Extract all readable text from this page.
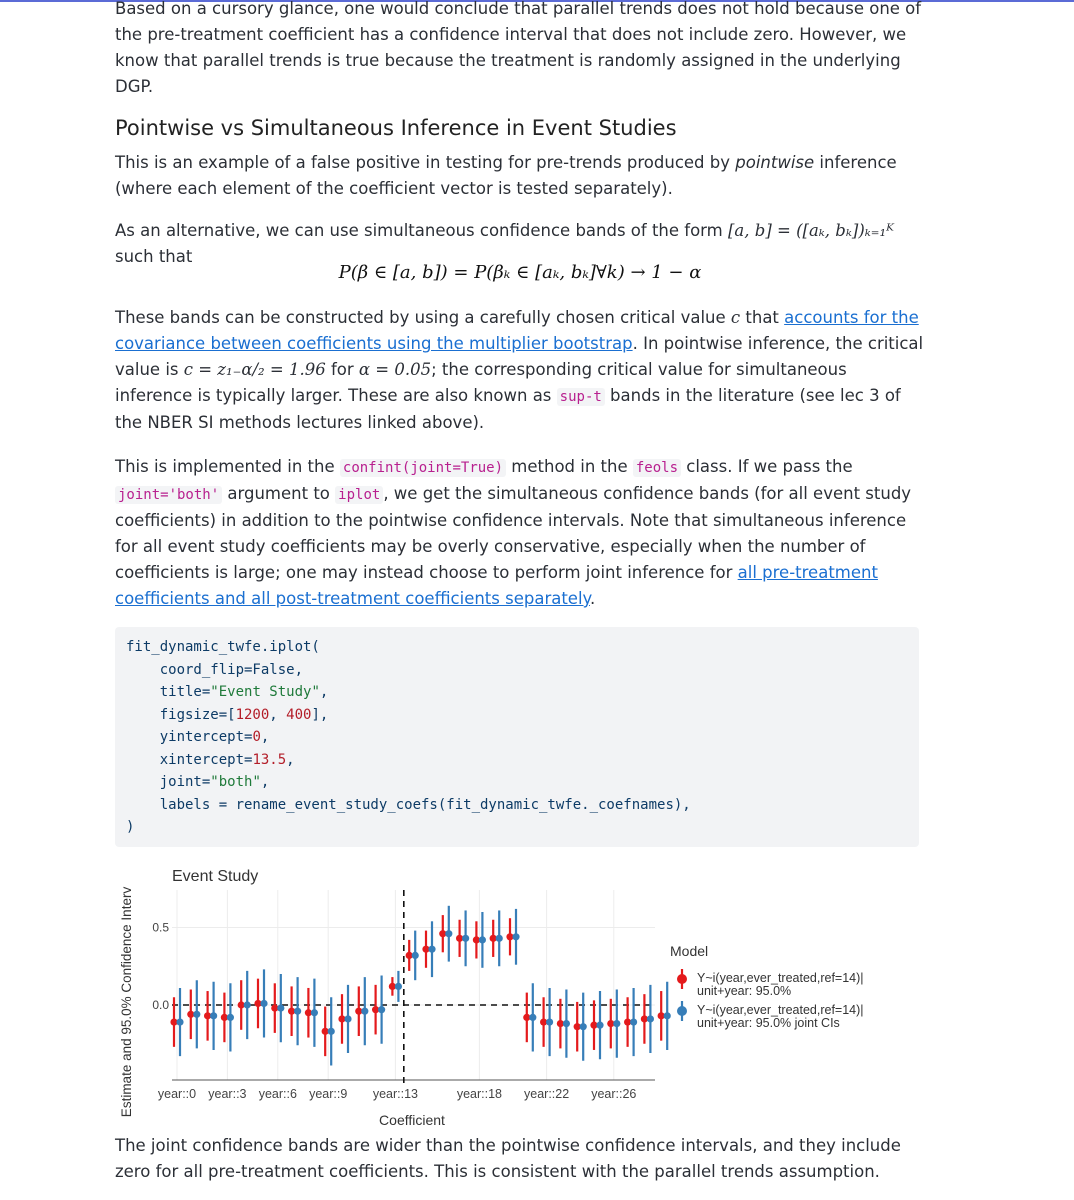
Based on a cursory glance, one would conclude that parallel trends does not hold because one of the pre-treatment coefficient has a confidence interval that does not include zero. However, we know that parallel trends is true because the treatment is randomly assigned in the underlying DGP.

Pointwise vs Simultaneous Inference in Event Studies

This is an example of a false positive in testing for pre-trends produced by pointwise inference (where each element of the coefficient vector is tested separately).

As an alternative, we can use simultaneous confidence bands of the form [a, b] = ([aₖ, bₖ])ₖ₌₁ᴷ such that

P(β ∈ [a, b]) = P(βₖ ∈ [aₖ, bₖ]∀k) → 1 − α

These bands can be constructed by using a carefully chosen critical value c that accounts for the covariance between coefficients using the multiplier bootstrap. In pointwise inference, the critical value is c = z₁₋α/₂ = 1.96 for α = 0.05; the corresponding critical value for simultaneous inference is typically larger. These are also known as sup-t bands in the literature (see lec 3 of the NBER SI methods lectures linked above).

This is implemented in the confint(joint=True) method in the feols class. If we pass the joint='both' argument to iplot , we get the simultaneous confidence bands (for all event study coefficients) in addition to the pointwise confidence intervals. Note that simultaneous inference for all event study coefficients may be overly conservative, especially when the number of coefficients is large; one may instead choose to perform joint inference for all pre-treatment coefficients and all post-treatment coefficients separately.

fit_dynamic_twfe.iplot(
coord_flip=False,
title="Event Study",
figsize=[1200, 400],
yintercept=0,
xintercept=13.5,
joint="both",
labels = rename_event_study_coefs(fit_dynamic_twfe._coefnames),
)

The joint confidence bands are wider than the pointwise confidence intervals, and they include zero for all pre-treatment coefficients. This is consistent with the parallel trends assumption.

Event Study
Coefficient
Estimate and 95.0% Confidence Interv 0.5
0.0
year::0 year::3 year::6 year::9 year::13	year::18 year::22 year::26
Model
Y~i(year,ever_treated,ref=14)|
unit+year: 95.0%
Y~i(year,ever_treated,ref=14)|
unit+year: 95.0% joint CIs
